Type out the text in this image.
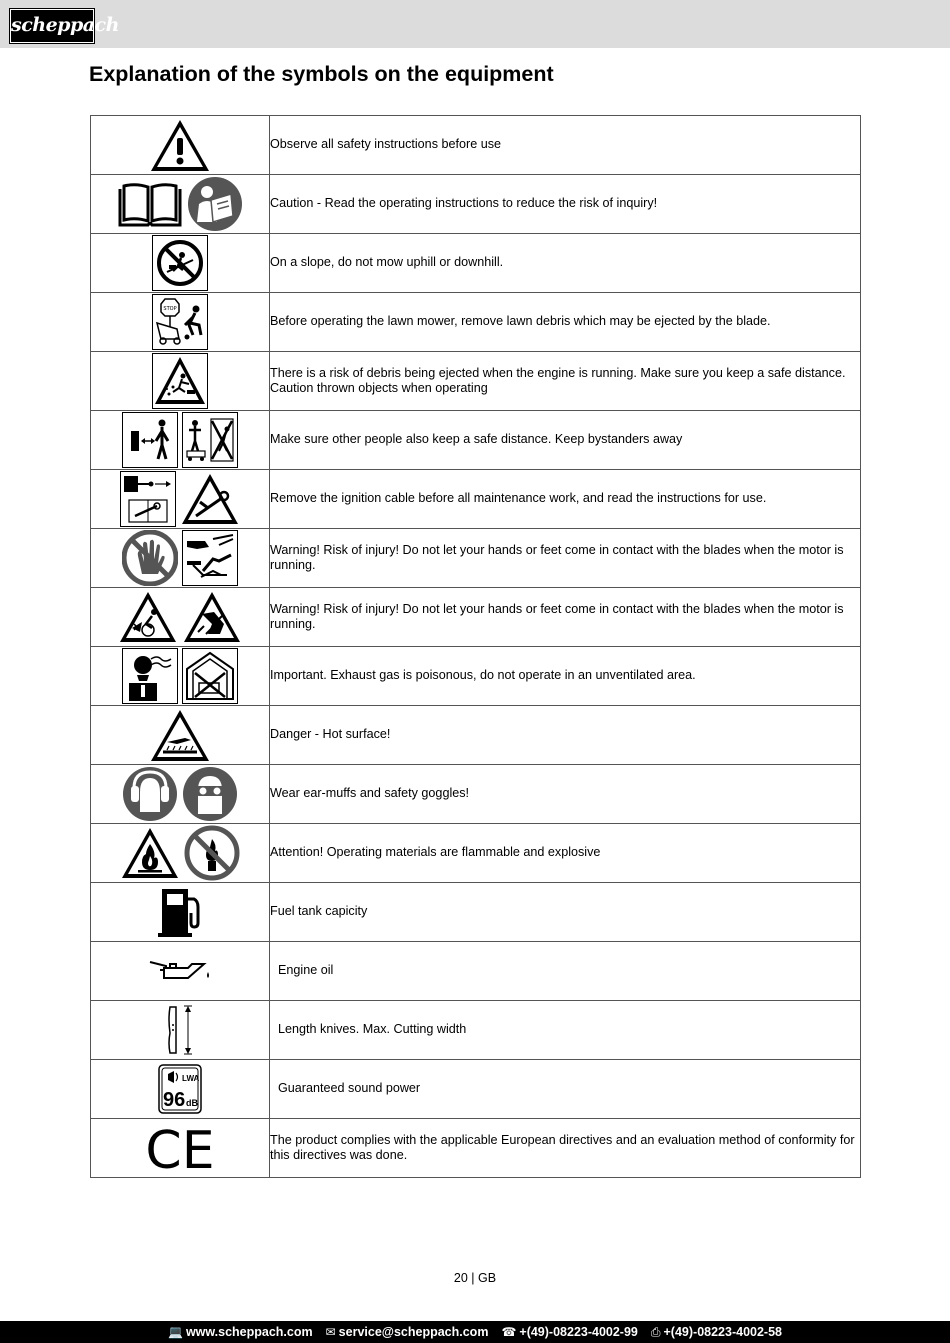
scheppach
Explanation of the symbols on the equipment
	Observe all safety instructions before use

	Caution - Read the operating instructions to reduce the risk of inquiry!

	On a slope, do not mow uphill or downhill.

STOP	Before operating the lawn mower, remove lawn debris which may be ejected by the blade.

	There is a risk of debris being ejected when the engine is running. Make sure you keep a safe distance. Caution thrown objects when operating

	Make sure other people also keep a safe distance. Keep bystanders away

	Remove the ignition cable before all maintenance work, and read the instructions for use.

	Warning! Risk of injury! Do not let your hands or feet come in contact with the blades when the motor is running.

	Warning! Risk of injury! Do not let your hands or feet come in contact with the blades when the motor is running.

	Important. Exhaust gas is poisonous, do not operate in an unventilated area.

	Danger - Hot surface!

	Wear ear-muffs and safety goggles!

	Attention! Operating materials are flammable and explosive

	Fuel tank capicity

	Engine oil

	Length knives. Max. Cutting width

LWA
96 dB	Guaranteed sound power

CE	The product complies with the applicable European directives and an evaluation method of conformity for this directives was done.
20 | GB
💻 www.scheppach.com ✉ service@scheppach.com ☎ +(49)-08223-4002-99 ⎙ +(49)-08223-4002-58
